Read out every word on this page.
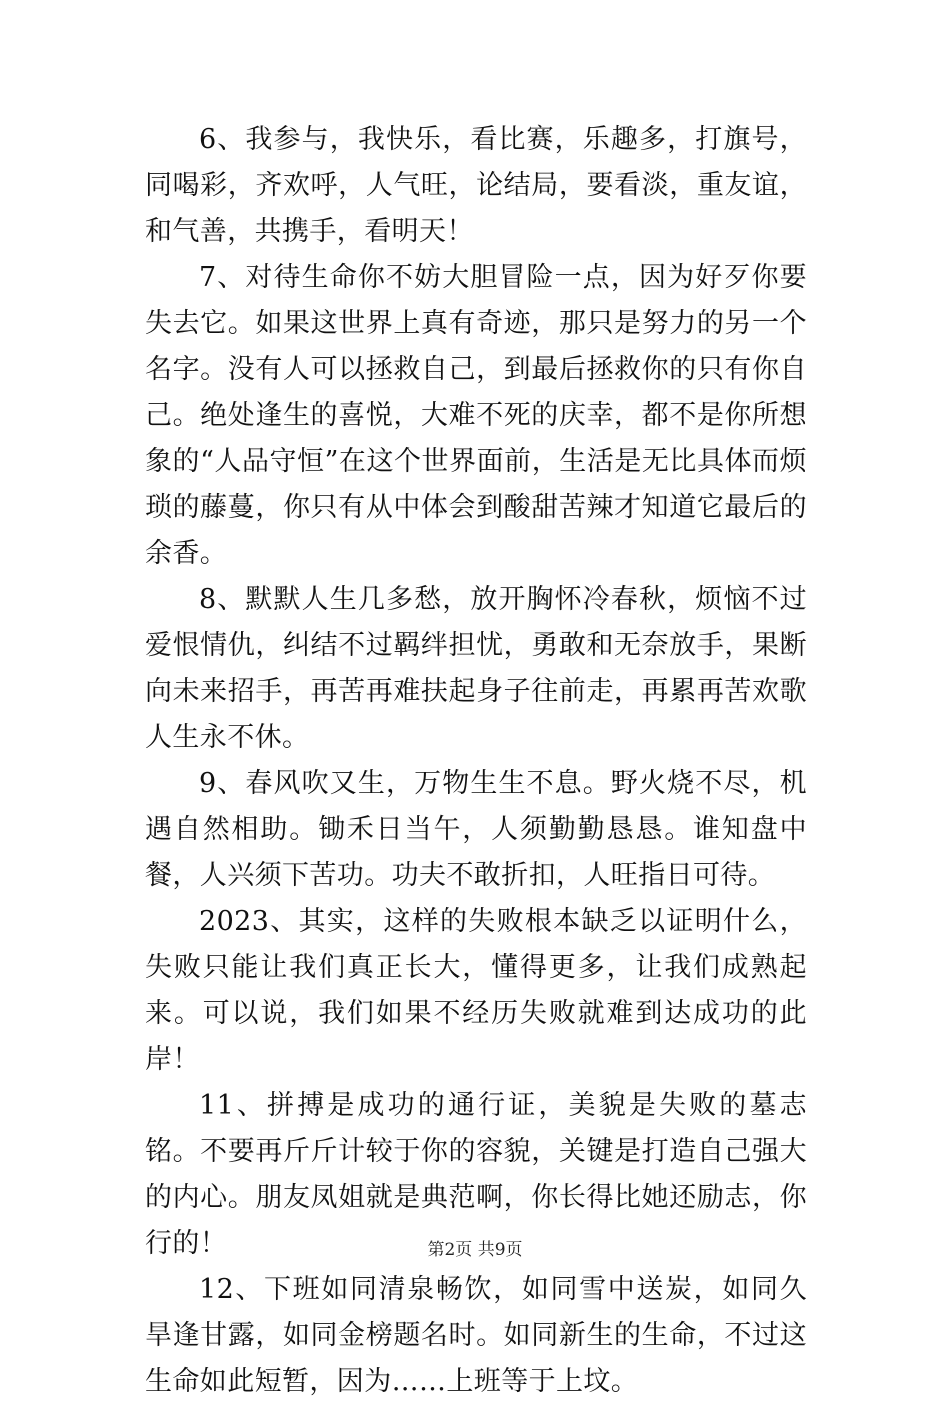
6、我参与，我快乐，看比赛，乐趣多，打旗号，同喝彩，齐欢呼，人气旺，论结局，要看淡，重友谊，和气善，共携手，看明天！

7、对待生命你不妨大胆冒险一点，因为好歹你要失去它。如果这世界上真有奇迹，那只是努力的另一个名字。没有人可以拯救自己，到最后拯救你的只有你自己。绝处逢生的喜悦，大难不死的庆幸，都不是你所想象的“人品守恒”在这个世界面前，生活是无比具体而烦琐的藤蔓，你只有从中体会到酸甜苦辣才知道它最后的余香。

8、默默人生几多愁，放开胸怀冷春秋，烦恼不过爱恨情仇，纠结不过羁绊担忧，勇敢和无奈放手，果断向未来招手，再苦再难扶起身子往前走，再累再苦欢歌人生永不休。

9、春风吹又生，万物生生不息。野火烧不尽，机遇自然相助。锄禾日当午，人须勤勤恳恳。谁知盘中餐，人兴须下苦功。功夫不敢折扣，人旺指日可待。

2023、其实，这样的失败根本缺乏以证明什么，失败只能让我们真正长大，懂得更多，让我们成熟起来。可以说，我们如果不经历失败就难到达成功的此岸！

11、拼搏是成功的通行证，美貌是失败的墓志铭。不要再斤斤计较于你的容貌，关键是打造自己强大的内心。朋友凤姐就是典范啊，你长得比她还励志，你行的！

12、下班如同清泉畅饮，如同雪中送炭，如同久旱逢甘露，如同金榜题名时。如同新生的生命，不过这生命如此短暂，因为……上班等于上坟。

第2页 共9页
